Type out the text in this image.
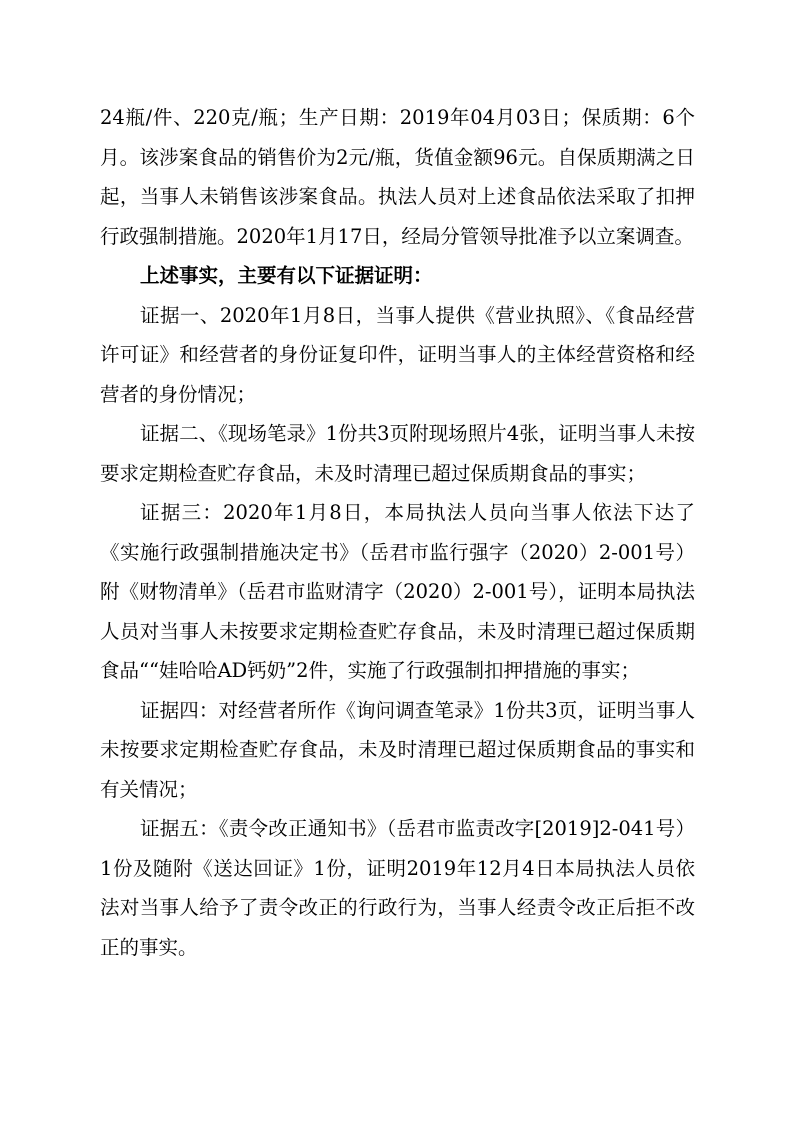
24瓶/件、220克/瓶；生产日期：2019年04月03日；保质期：6个月。该涉案食品的销售价为2元/瓶，货值金额96元。自保质期满之日起，当事人未销售该涉案食品。执法人员对上述食品依法采取了扣押行政强制措施。2020年1月17日，经局分管领导批准予以立案调查。

上述事实，主要有以下证据证明：

证据一、2020年1月8日，当事人提供《营业执照》、《食品经营许可证》和经营者的身份证复印件，证明当事人的主体经营资格和经营者的身份情况；

证据二、《现场笔录》1份共3页附现场照片4张，证明当事人未按要求定期检查贮存食品，未及时清理已超过保质期食品的事实；

证据三：2020年1月8日，本局执法人员向当事人依法下达了《实施行政强制措施决定书》（岳君市监行强字（2020）2-001号）附《财物清单》（岳君市监财清字（2020）2-001号），证明本局执法人员对当事人未按要求定期检查贮存食品，未及时清理已超过保质期食品““娃哈哈AD钙奶”2件，实施了行政强制扣押措施的事实；

证据四：对经营者所作《询问调查笔录》1份共3页，证明当事人未按要求定期检查贮存食品，未及时清理已超过保质期食品的事实和有关情况；

证据五：《责令改正通知书》（岳君市监责改字[2019]2-041号）1份及随附《送达回证》1份，证明2019年12月4日本局执法人员依法对当事人给予了责令改正的行政行为，当事人经责令改正后拒不改正的事实。
